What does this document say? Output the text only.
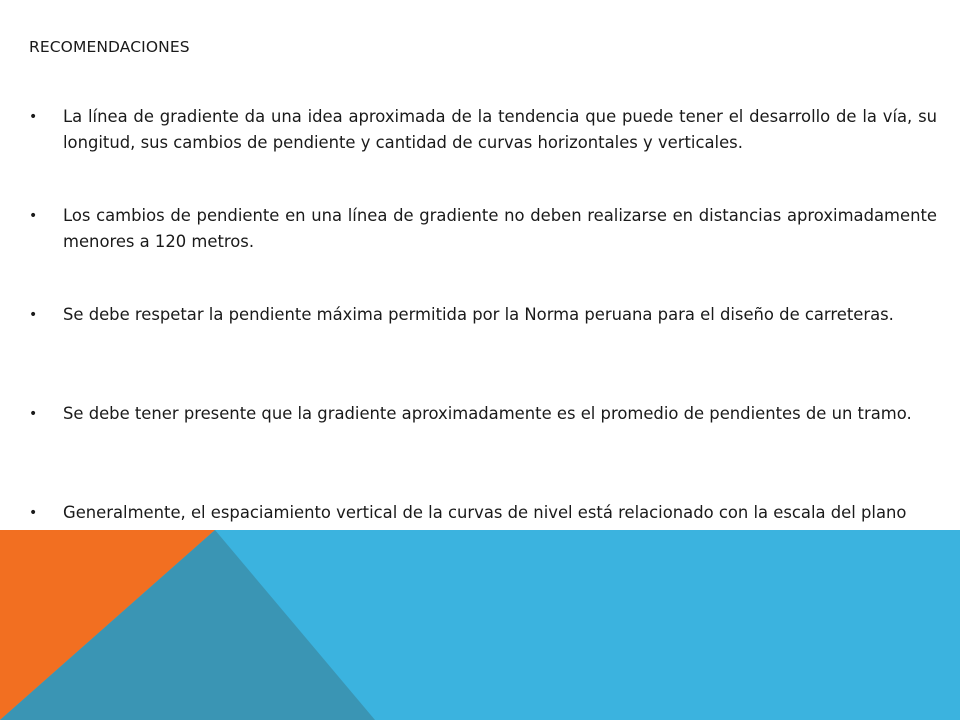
RECOMENDACIONES
• La línea de gradiente da una idea aproximada de la tendencia que puede tener el desarrollo de la vía, su longitud, sus cambios de pendiente y cantidad de curvas horizontales y verticales.
• Los cambios de pendiente en una línea de gradiente no deben realizarse en distancias aproximadamente menores a 120 metros.
• Se debe respetar la pendiente máxima permitida por la Norma peruana para el diseño de carreteras.
• Se debe tener presente que la gradiente aproximadamente es el promedio de pendientes de un tramo.
• Generalmente, el espaciamiento vertical de la curvas de nivel está relacionado con la escala del plano
